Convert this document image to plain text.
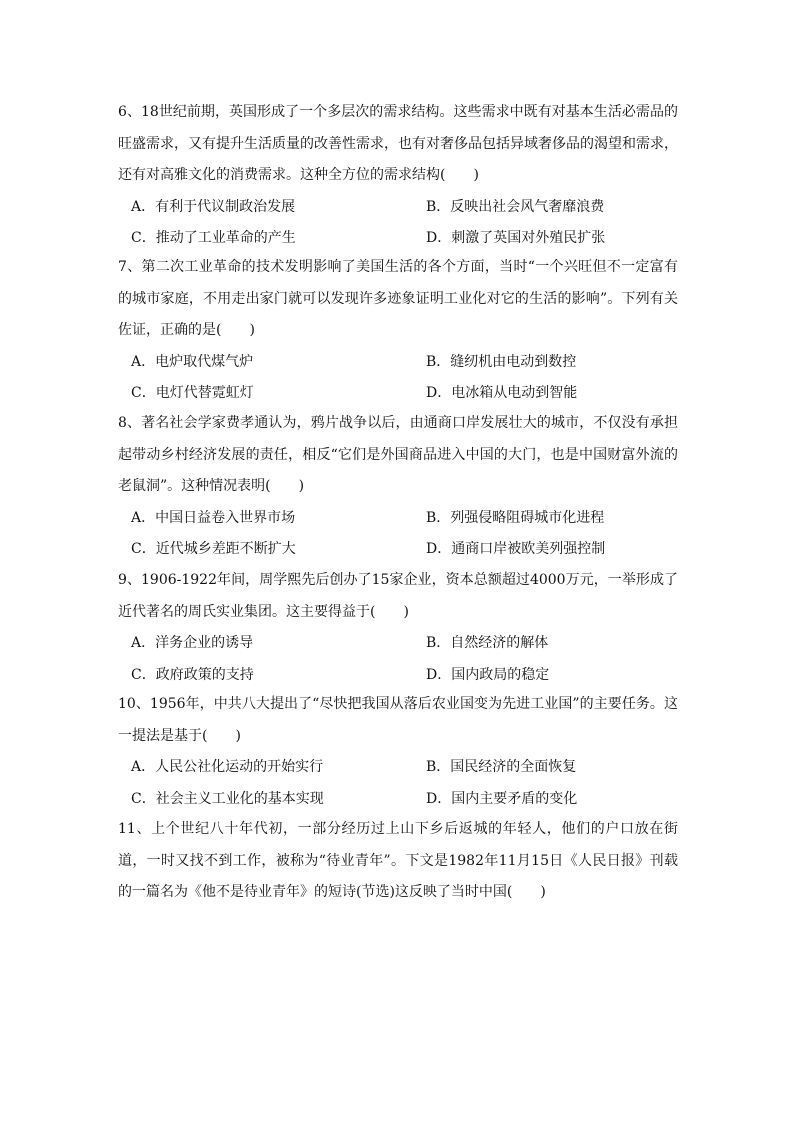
6、18世纪前期，英国形成了一个多层次的需求结构。这些需求中既有对基本生活必需品的旺盛需求，又有提升生活质量的改善性需求，也有对奢侈品包括异域奢侈品的渴望和需求，还有对高雅文化的消费需求。这种全方位的需求结构(　　)

A．有利于代议制政治发展	B．反映出社会风气奢靡浪费
C．推动了工业革命的产生	D．刺激了英国对外殖民扩张

7、第二次工业革命的技术发明影响了美国生活的各个方面，当时“一个兴旺但不一定富有的城市家庭，不用走出家门就可以发现许多迹象证明工业化对它的生活的影响”。下列有关佐证，正确的是(　　)

A．电炉取代煤气炉	B．缝纫机由电动到数控
C．电灯代替霓虹灯	D．电冰箱从电动到智能

8、著名社会学家费孝通认为，鸦片战争以后，由通商口岸发展壮大的城市，不仅没有承担起带动乡村经济发展的责任，相反“它们是外国商品进入中国的大门，也是中国财富外流的老鼠洞”。这种情况表明(　　)

A．中国日益卷入世界市场	B．列强侵略阻碍城市化进程
C．近代城乡差距不断扩大	D．通商口岸被欧美列强控制

9、1906-1922年间，周学熙先后创办了15家企业，资本总额超过4000万元，一举形成了近代著名的周氏实业集团。这主要得益于(　　)

A．洋务企业的诱导	B．自然经济的解体
C．政府政策的支持	D．国内政局的稳定

10、1956年，中共八大提出了“尽快把我国从落后农业国变为先进工业国”的主要任务。这一提法是基于(　　)

A．人民公社化运动的开始实行	B．国民经济的全面恢复
C．社会主义工业化的基本实现	D．国内主要矛盾的变化

11、上个世纪八十年代初，一部分经历过上山下乡后返城的年轻人，他们的户口放在街道，一时又找不到工作，被称为“待业青年”。下文是1982年11月15日《人民日报》刊载的一篇名为《他不是待业青年》的短诗(节选)这反映了当时中国(　　)
